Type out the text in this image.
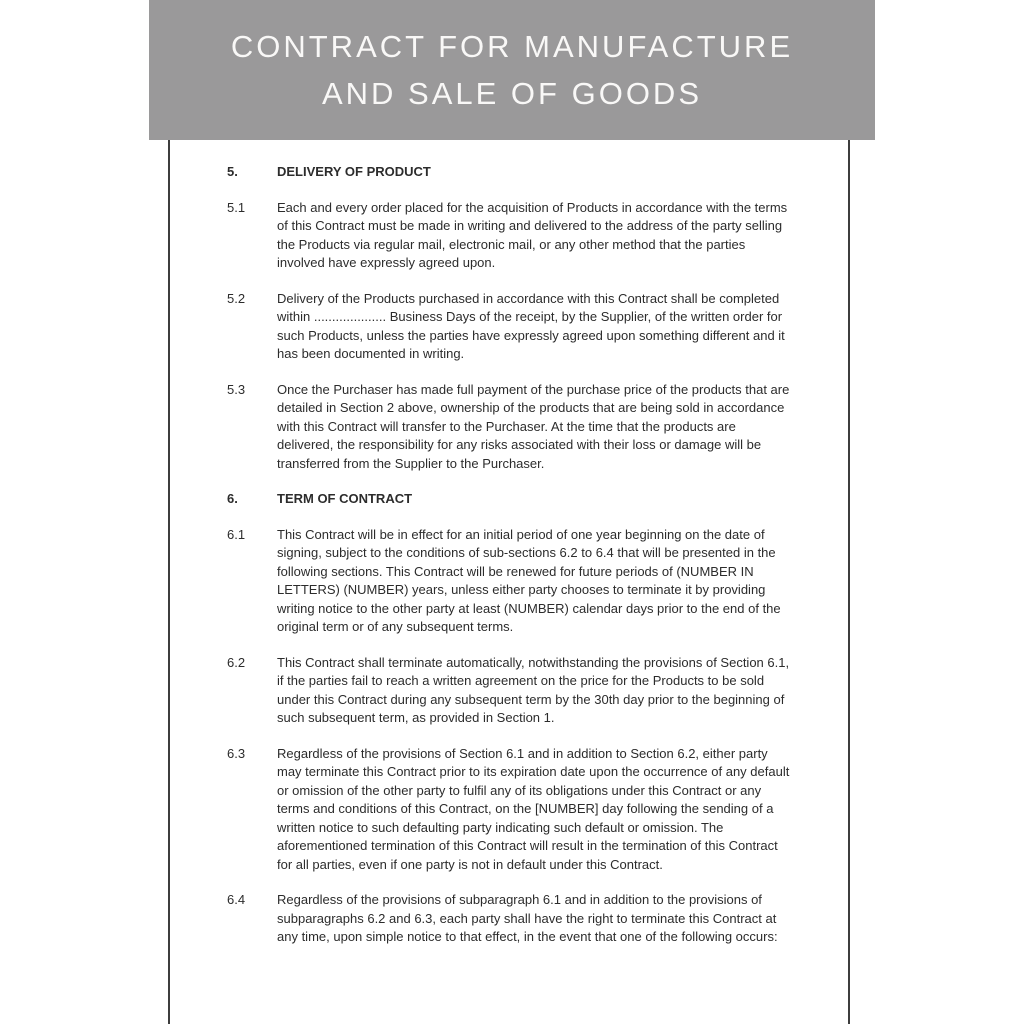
CONTRACT FOR MANUFACTURE
AND SALE OF GOODS
5.	DELIVERY OF PRODUCT
5.1	Each and every order placed for the acquisition of Products in accordance with the terms of this Contract must be made in writing and delivered to the address of the party selling the Products via regular mail, electronic mail, or any other method that the parties involved have expressly agreed upon.

5.2	Delivery of the Products purchased in accordance with this Contract shall be completed within .................... Business Days of the receipt, by the Supplier, of the written order for such Products, unless the parties have expressly agreed upon something different and it has been documented in writing.

5.3	Once the Purchaser has made full payment of the purchase price of the products that are detailed in Section 2 above, ownership of the products that are being sold in accordance with this Contract will transfer to the Purchaser. At the time that the products are delivered, the responsibility for any risks associated with their loss or damage will be transferred from the Supplier to the Purchaser.

6.	TERM OF CONTRACT
6.1	This Contract will be in effect for an initial period of one year beginning on the date of signing, subject to the conditions of sub-sections 6.2 to 6.4 that will be presented in the following sections. This Contract will be renewed for future periods of (NUMBER IN LETTERS) (NUMBER) years, unless either party chooses to terminate it by providing writing notice to the other party at least (NUMBER) calendar days prior to the end of the original term or of any subsequent terms.

6.2	This Contract shall terminate automatically, notwithstanding the provisions of Section 6.1, if the parties fail to reach a written agreement on the price for the Products to be sold under this Contract during any subsequent term by the 30th day prior to the beginning of such subsequent term, as provided in Section 1.

6.3	Regardless of the provisions of Section 6.1 and in addition to Section 6.2, either party may terminate this Contract prior to its expiration date upon the occurrence of any default or omission of the other party to fulfil any of its obligations under this Contract or any terms and conditions of this Contract, on the [NUMBER] day following the sending of a written notice to such defaulting party indicating such default or omission. The aforementioned termination of this Contract will result in the termination of this Contract for all parties, even if one party is not in default under this Contract.

6.4	Regardless of the provisions of subparagraph 6.1 and in addition to the provisions of subparagraphs 6.2 and 6.3, each party shall have the right to terminate this Contract at any time, upon simple notice to that effect, in the event that one of the following occurs:
